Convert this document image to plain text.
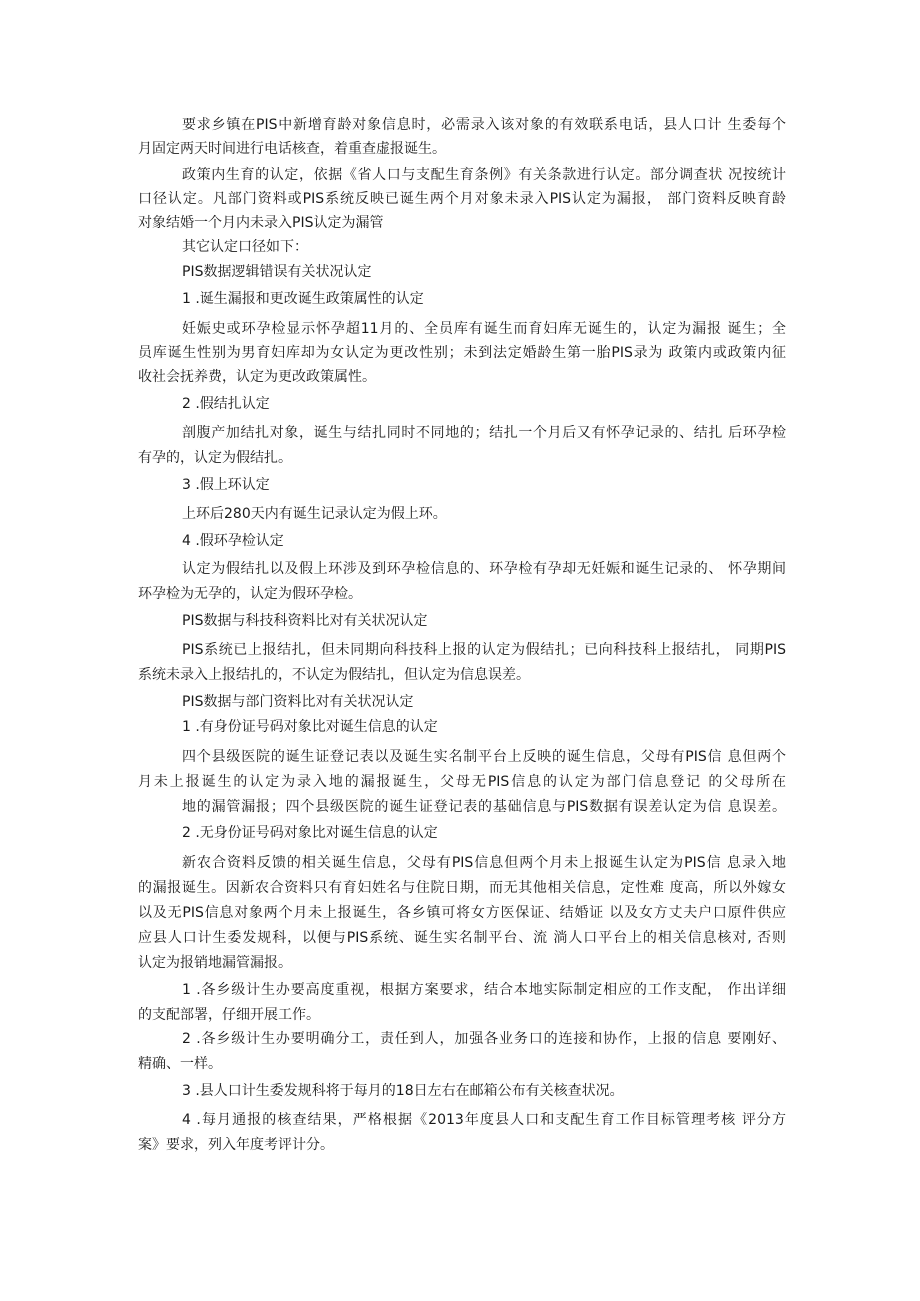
要求乡镇在PIS中新增育龄对象信息时，必需录入该对象的有效联系电话，县人口计 生委每个
月固定两天时间进行电话核查，着重查虚报诞生。
政策内生育的认定，依据《省人口与支配生育条例》有关条款进行认定。部分调查状 况按统计
口径认定。凡部门资料或PIS系统反映已诞生两个月对象未录入PIS认定为漏报， 部门资料反映育龄
对象结婚一个月内未录入PIS认定为漏管
其它认定口径如下：
PIS数据逻辑错误有关状况认定
1 .诞生漏报和更改诞生政策属性的认定
妊娠史或环孕检显示怀孕超11月的、全员库有诞生而育妇库无诞生的，认定为漏报 诞生；全
员库诞生性别为男育妇库却为女认定为更改性别；未到法定婚龄生第一胎PIS录为 政策内或政策内征
收社会抚养费，认定为更改政策属性。
2 .假结扎认定
剖腹产加结扎对象，诞生与结扎同时不同地的；结扎一个月后又有怀孕记录的、结扎 后环孕检
有孕的，认定为假结扎。
3 .假上环认定
上环后280天内有诞生记录认定为假上环。
4 .假环孕检认定
认定为假结扎以及假上环涉及到环孕检信息的、环孕检有孕却无妊娠和诞生记录的、 怀孕期间
环孕检为无孕的，认定为假环孕检。
PIS数据与科技科资料比对有关状况认定
PIS系统已上报结扎，但未同期向科技科上报的认定为假结扎；已向科技科上报结扎， 同期PIS
系统未录入上报结扎的，不认定为假结扎，但认定为信息误差。
PIS数据与部门资料比对有关状况认定
1 .有身份证号码对象比对诞生信息的认定
四个县级医院的诞生证登记表以及诞生实名制平台上反映的诞生信息，父母有PIS信 息但两个
月未上报诞生的认定为录入地的漏报诞生，父母无PIS信息的认定为部门信息登记 的父母所在
地的漏管漏报；四个县级医院的诞生证登记表的基础信息与PIS数据有误差认定为信 息误差。
2 .无身份证号码对象比对诞生信息的认定
新农合资料反馈的相关诞生信息，父母有PIS信息但两个月未上报诞生认定为PIS信 息录入地
的漏报诞生。因新农合资料只有育妇姓名与住院日期，而无其他相关信息，定性难 度高，所以外嫁女
以及无PIS信息对象两个月未上报诞生，各乡镇可将女方医保证、结婚证 以及女方丈夫户口原件供应
应县人口计生委发规科，以便与PIS系统、诞生实名制平台、流 淌人口平台上的相关信息核对, 否则
认定为报销地漏管漏报。
1 .各乡级计生办要高度重视，根据方案要求，结合本地实际制定相应的工作支配， 作出详细
的支配部署，仔细开展工作。
2 .各乡级计生办要明确分工，责任到人，加强各业务口的连接和协作，上报的信息 要刚好、
精确、一样。
3 .县人口计生委发规科将于每月的18日左右在邮箱公布有关核查状况。
4 .每月通报的核查结果，严格根据《2013年度县人口和支配生育工作目标管理考核 评分方
案》要求，列入年度考评计分。
